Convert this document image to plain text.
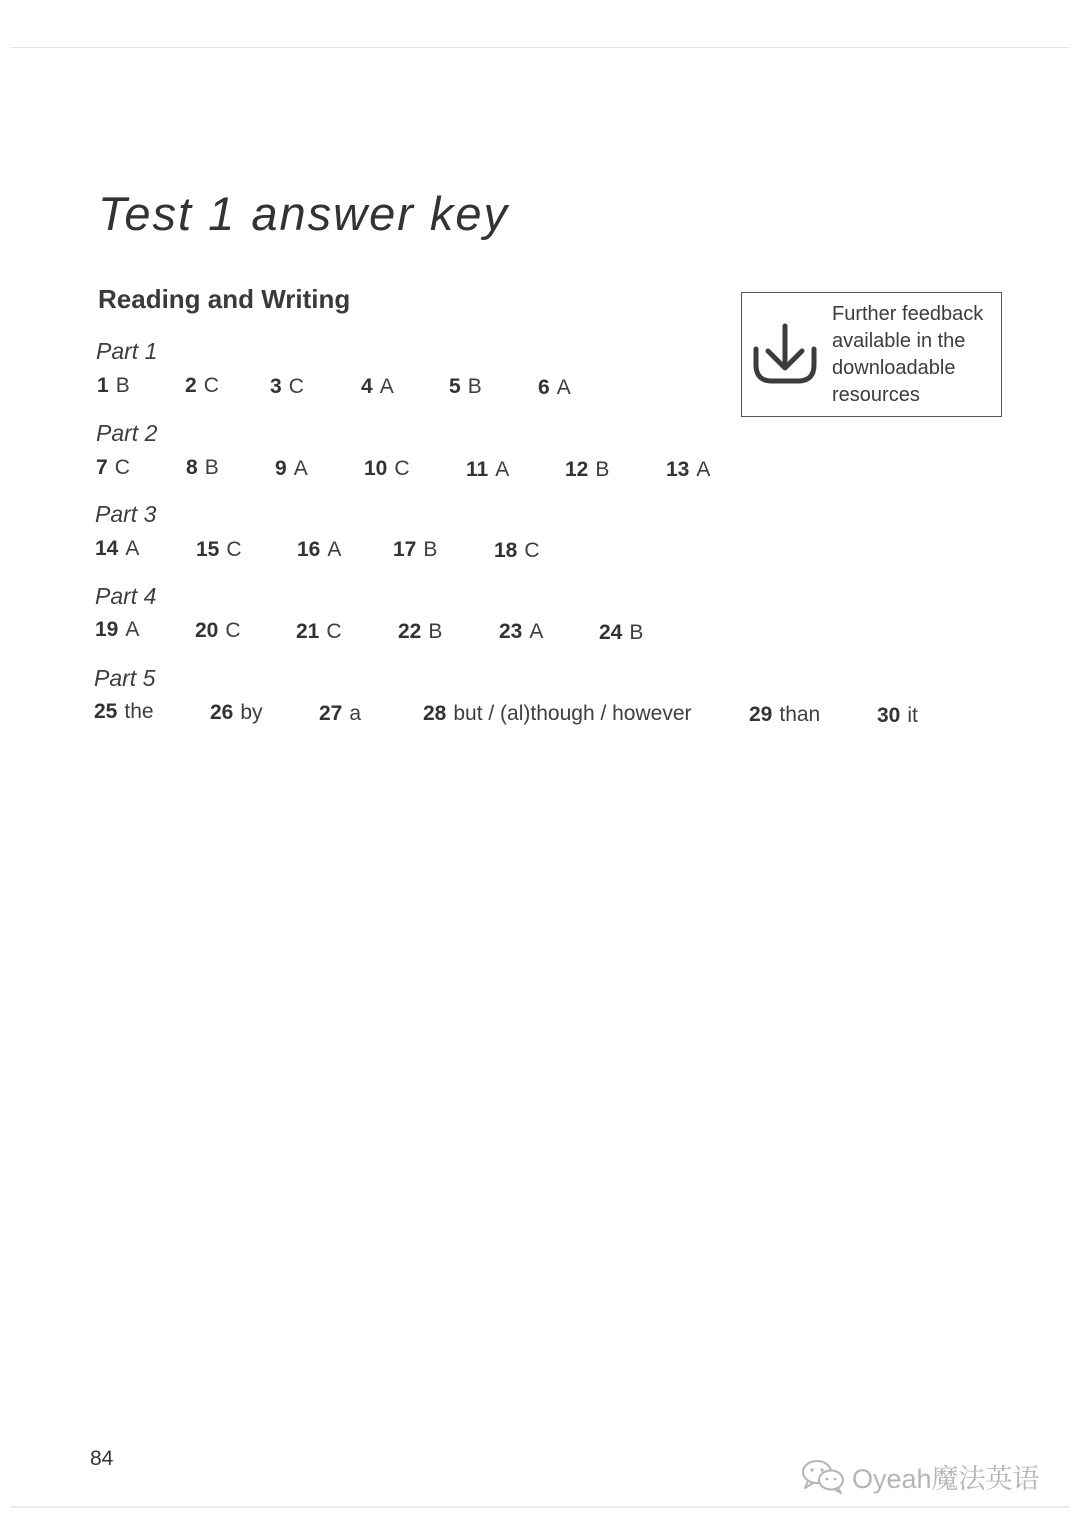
Test 1 answer key
Reading and Writing	Further feedback
available in the
downloadable
resources
Part 1
1 B	2 C 3 C	4 A	5 B	6 A
Part 2
7 C	8 B	9 A	10 C	11 A	12 B	13 A
Part 3
14 A	15 C	16 A 17 B	18 C
Part 4
19 A	20 C	21 C	22 B	23 A	24 B
Part 5
25 the	26 by	27 a	28 but / (al)though / however	29 than	30 it
84
Oyeah魔法英语
